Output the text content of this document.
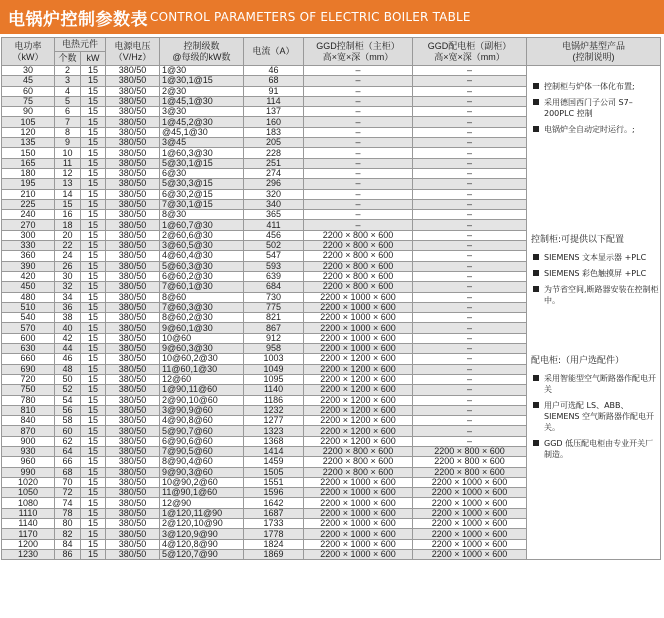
电锅炉控制参数表 CONTROL PARAMETERS OF ELECTRIC BOILER TABLE
电功率
（kW）	电热元件		电源电压
（V/Hz）	控制级数
@每级的kW数	电流（A）	GGD控制柜（主柜）
高×宽×深（mm）	GGD配电柜（副柜）
高×宽×深（mm）	电锅炉基型产品
(控制说明)
	个数	kW						
30	2	15	380/50	1@30	46	–	–	
45	3	15	380/50	1@30,1@15	68	–	–	
60	4	15	380/50	2@30	91	–	–	
75	5	15	380/50	1@45,1@30	114	–	–	
90	6	15	380/50	3@30	137	–	–	
105	7	15	380/50	1@45,2@30	160	–	–	
120	8	15	380/50	@45,1@30	183	–	–	
135	9	15	380/50	3@45	205	–	–	
150	10	15	380/50	1@60,3@30	228	–	–	
165	11	15	380/50	5@30,1@15	251	–	–	
180	12	15	380/50	6@30	274	–	–	
195	13	15	380/50	5@30,3@15	296	–	–	
210	14	15	380/50	6@30,2@15	320	–	–	
225	15	15	380/50	7@30,1@15	340	–	–	
240	16	15	380/50	8@30	365	–	–	
270	18	15	380/50	1@60,7@30	411	–	–	
300	20	15	380/50	2@60,6@30	456	2200 × 800 × 600	–	
330	22	15	380/50	3@60,5@30	502	2200 × 800 × 600	–	
360	24	15	380/50	4@60,4@30	547	2200 × 800 × 600	–	
390	26	15	380/50	5@60,3@30	593	2200 × 800 × 600	–	
420	30	15	380/50	6@60,2@30	639	2200 × 800 × 600	–	
450	32	15	380/50	7@60,1@30	684	2200 × 800 × 600	–	
480	34	15	380/50	8@60	730	2200 × 1000 × 600	–	
510	36	15	380/50	7@60,3@30	775	2200 × 1000 × 600	–	
540	38	15	380/50	8@60,2@30	821	2200 × 1000 × 600	–	
570	40	15	380/50	9@60,1@30	867	2200 × 1000 × 600	–	
600	42	15	380/50	10@60	912	2200 × 1000 × 600	–	
630	44	15	380/50	9@60,3@30	958	2200 × 1000 × 600	–	
660	46	15	380/50	10@60,2@30	1003	2200 × 1200 × 600	–	
690	48	15	380/50	11@60,1@30	1049	2200 × 1200 × 600	–	
720	50	15	380/50	12@60	1095	2200 × 1200 × 600	–	
750	52	15	380/50	1@90,11@60	1140	2200 × 1200 × 600	–	
780	54	15	380/50	2@90,10@60	1186	2200 × 1200 × 600	–	
810	56	15	380/50	3@90,9@60	1232	2200 × 1200 × 600	–	
840	58	15	380/50	4@90,8@60	1277	2200 × 1200 × 600	–	
870	60	15	380/50	5@90,7@60	1323	2200 × 1200 × 600	–	
900	62	15	380/50	6@90,6@60	1368	2200 × 1200 × 600	–	
930	64	15	380/50	7@90,5@60	1414	2200 × 800 × 600	2200 × 800 × 600	
960	66	15	380/50	8@90,4@60	1459	2200 × 800 × 600	2200 × 800 × 600	
990	68	15	380/50	9@90,3@60	1505	2200 × 800 × 600	2200 × 800 × 600	
1020	70	15	380/50	10@90,2@60	1551	2200 × 1000 × 600	2200 × 1000 × 600	
1050	72	15	380/50	11@90,1@60	1596	2200 × 1000 × 600	2200 × 1000 × 600	
1080	74	15	380/50	12@90	1642	2200 × 1000 × 600	2200 × 1000 × 600	
1110	78	15	380/50	1@120,11@90	1687	2200 × 1000 × 600	2200 × 1000 × 600	
1140	80	15	380/50	2@120,10@90	1733	2200 × 1000 × 600	2200 × 1000 × 600	
1170	82	15	380/50	3@120,9@90	1778	2200 × 1000 × 600	2200 × 1000 × 600	
1200	84	15	380/50	4@120,8@90	1824	2200 × 1000 × 600	2200 × 1000 × 600	
1230	86	15	380/50	5@120,7@90	1869	2200 × 1000 × 600	2200 × 1000 × 600	
控制柜与炉体一体化布置;
采用德国西门子公司 S7–200PLC 控制
电锅炉全自动定时运行。;
控制柜:可提供以下配置
SIEMENS 文本显示器 +PLC
SIEMENS 彩色触摸屏 +PLC
为节省空间,断路器安装在控制柜中。
配电柜:（用户选配件）
采用智能型空气断路器作配电开关
用户可选配 LS、ABB、SIEMENS 空气断路器作配电开关。
GGD 低压配电柜由专业开关厂制造。
